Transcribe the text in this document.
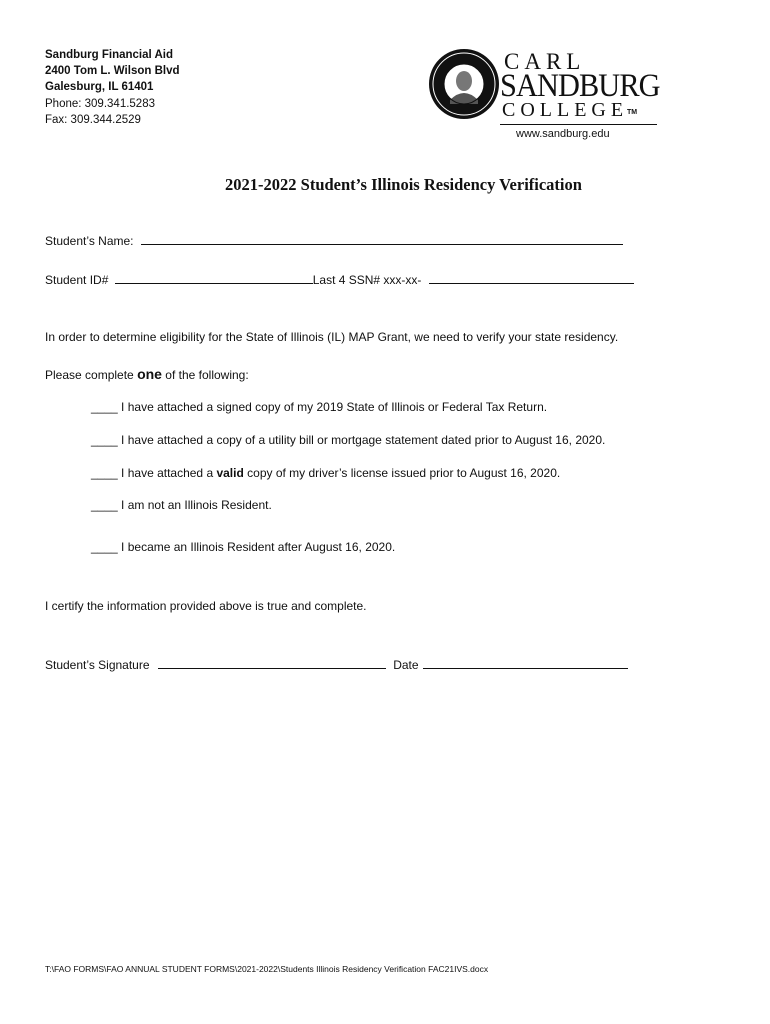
Sandburg Financial Aid
2400 Tom L. Wilson Blvd
Galesburg, IL 61401
Phone: 309.341.5283
Fax: 309.344.2529
CARL
SANDBURG
COLLEGE
TM
www.sandburg.edu
2021-2022 Student’s Illinois Residency Verification
Student’s Name:
Student ID#	Last 4 SSN# xxx-xx-
In order to determine eligibility for the State of Illinois (IL) MAP Grant, we need to verify your state residency.
Please complete one of the following:
____ I have attached a signed copy of my 2019 State of Illinois or Federal Tax Return.
____ I have attached a copy of a utility bill or mortgage statement dated prior to August 16, 2020.
____ I have attached a valid copy of my driver’s license issued prior to August 16, 2020.
____ I am not an Illinois Resident.
____ I became an Illinois Resident after August 16, 2020.
I certify the information provided above is true and complete.
Student’s Signature	Date
T:\FAO FORMS\FAO ANNUAL STUDENT FORMS\2021-2022\Students Illinois Residency Verification FAC21IVS.docx
